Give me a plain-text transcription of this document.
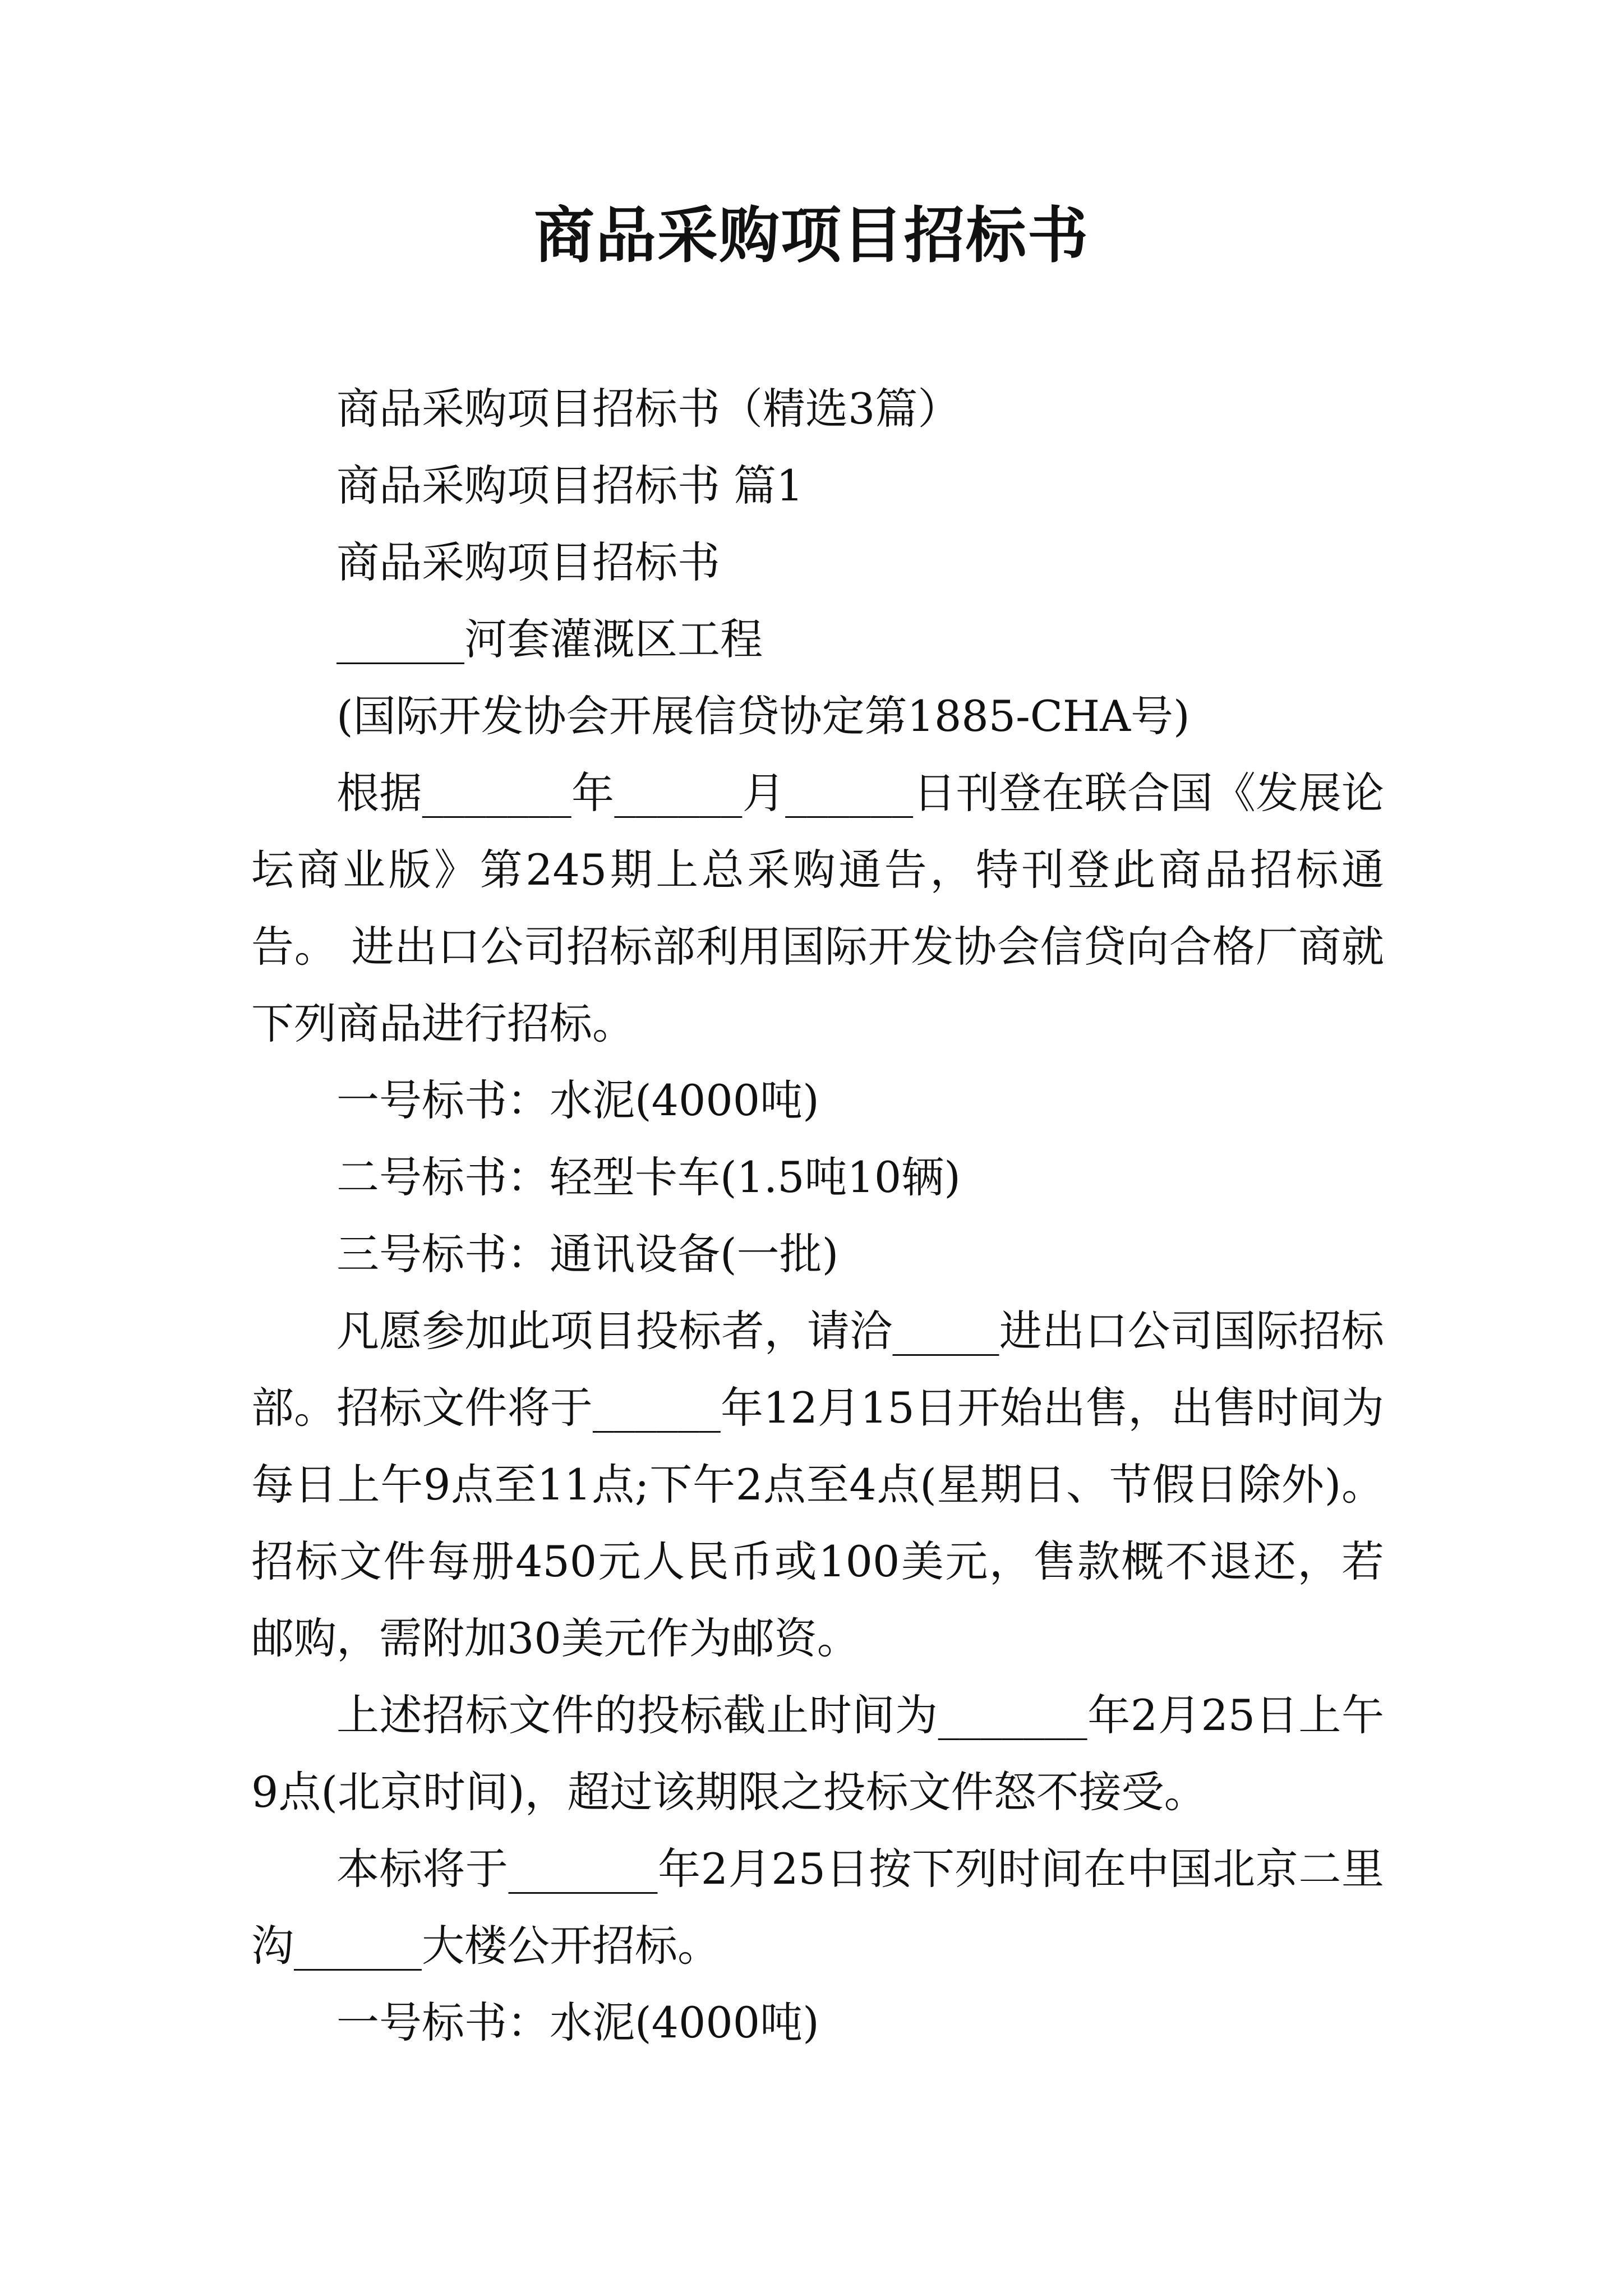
商品采购项目招标书
商品采购项目招标书（精选3篇）
商品采购项目招标书 篇1
商品采购项目招标书
______河套灌溉区工程
(国际开发协会开展信贷协定第1885-CHA号)
根据_______年______月______日刊登在联合国《发展论坛商业版》第245期上总采购通告，特刊登此商品招标通告。 进出口公司招标部利用国际开发协会信贷向合格厂商就下列商品进行招标。
一号标书：水泥(4000吨)
二号标书：轻型卡车(1.5吨10辆)
三号标书：通讯设备(一批)
凡愿参加此项目投标者，请洽_____进出口公司国际招标部。招标文件将于______年12月15日开始出售，出售时间为每日上午9点至11点;下午2点至4点(星期日、节假日除外)。招标文件每册450元人民币或100美元，售款概不退还，若邮购，需附加30美元作为邮资。
上述招标文件的投标截止时间为_______年2月25日上午9点(北京时间)，超过该期限之投标文件怒不接受。
本标将于_______年2月25日按下列时间在中国北京二里沟______大楼公开招标。
一号标书：水泥(4000吨)
